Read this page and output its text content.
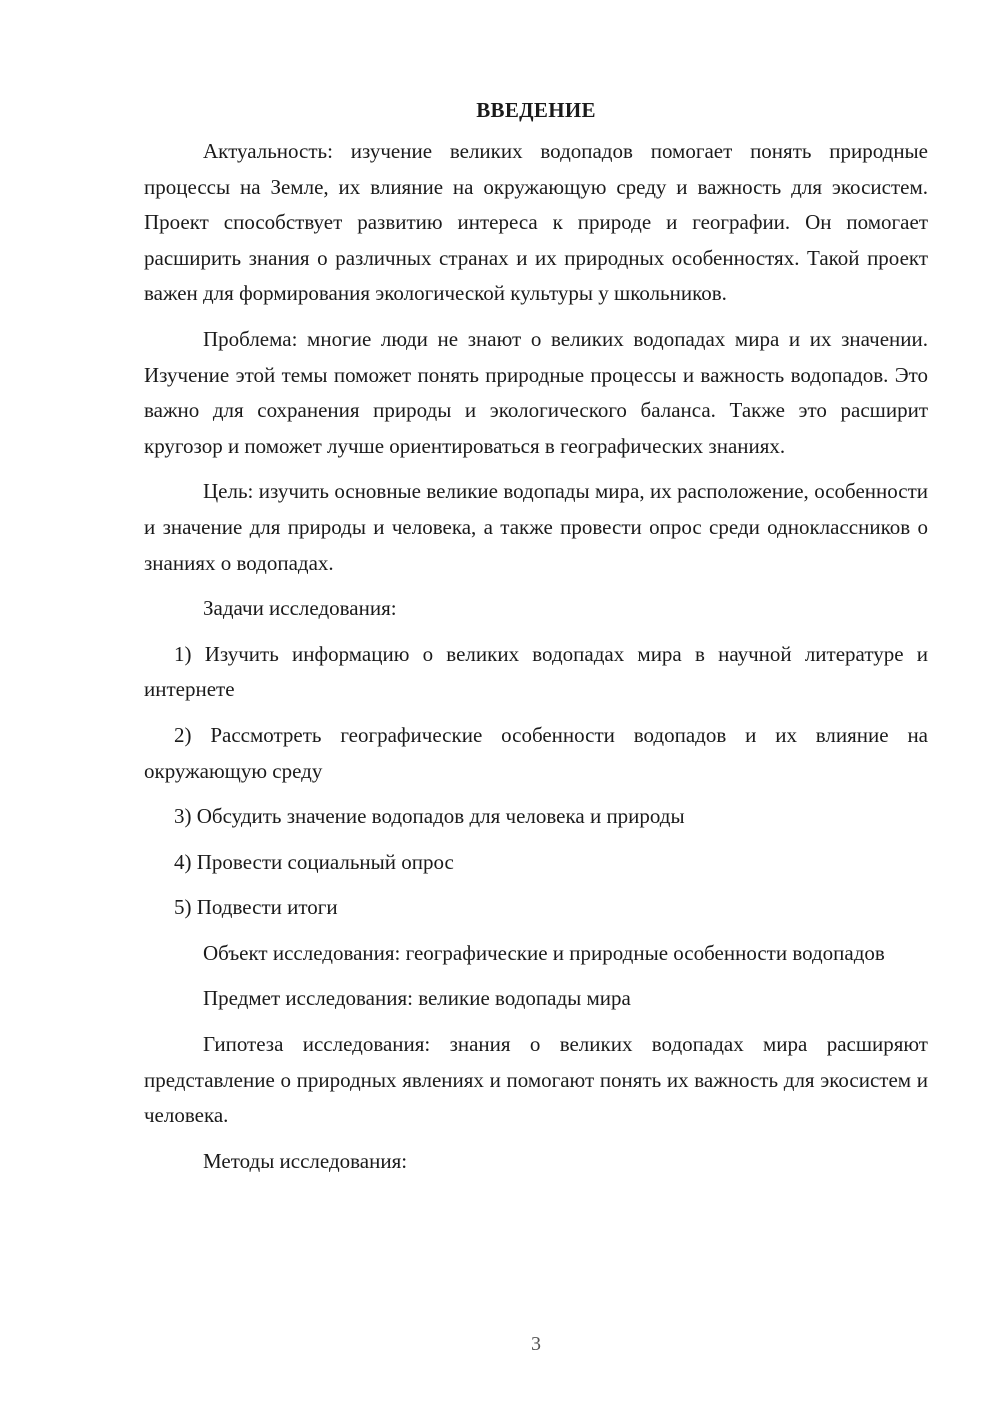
ВВЕДЕНИЕ

Актуальность: изучение великих водопадов помогает понять природные процессы на Земле, их влияние на окружающую среду и важность для экосистем. Проект способствует развитию интереса к природе и географии. Он помогает расширить знания о различных странах и их природных особенностях. Такой проект важен для формирования экологической культуры у школьников.

Проблема: многие люди не знают о великих водопадах мира и их значении. Изучение этой темы поможет понять природные процессы и важность водопадов. Это важно для сохранения природы и экологического баланса. Также это расширит кругозор и поможет лучше ориентироваться в географических знаниях.

Цель: изучить основные великие водопады мира, их расположение, особенности и значение для природы и человека, а также провести опрос среди одноклассников о знаниях о водопадах.

Задачи исследования:

1) Изучить информацию о великих водопадах мира в научной литературе и интернете

2) Рассмотреть географические особенности водопадов и их влияние на окружающую среду

3) Обсудить значение водопадов для человека и природы

4) Провести социальный опрос

5) Подвести итоги

Объект исследования: географические и природные особенности водопадов

Предмет исследования: великие водопады мира

Гипотеза исследования: знания о великих водопадах мира расширяют представление о природных явлениях и помогают понять их важность для экосистем и человека.

Методы исследования:

3
